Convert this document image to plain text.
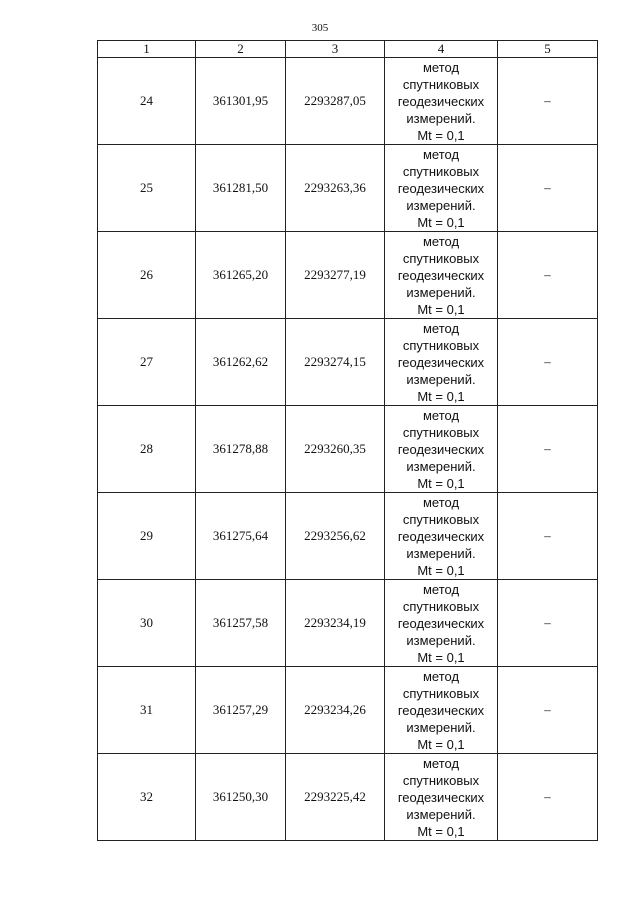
305
1	2	3	4	5
24	361301,95	2293287,05	метод
спутниковых
геодезических
измерений.
Mt = 0,1	–
25	361281,50	2293263,36	метод
спутниковых
геодезических
измерений.
Mt = 0,1	–
26	361265,20	2293277,19	метод
спутниковых
геодезических
измерений.
Mt = 0,1	–
27	361262,62	2293274,15	метод
спутниковых
геодезических
измерений.
Mt = 0,1	–
28	361278,88	2293260,35	метод
спутниковых
геодезических
измерений.
Mt = 0,1	–
29	361275,64	2293256,62	метод
спутниковых
геодезических
измерений.
Mt = 0,1	–
30	361257,58	2293234,19	метод
спутниковых
геодезических
измерений.
Mt = 0,1	–
31	361257,29	2293234,26	метод
спутниковых
геодезических
измерений.
Mt = 0,1	–
32	361250,30	2293225,42	метод
спутниковых
геодезических
измерений.
Mt = 0,1	–
